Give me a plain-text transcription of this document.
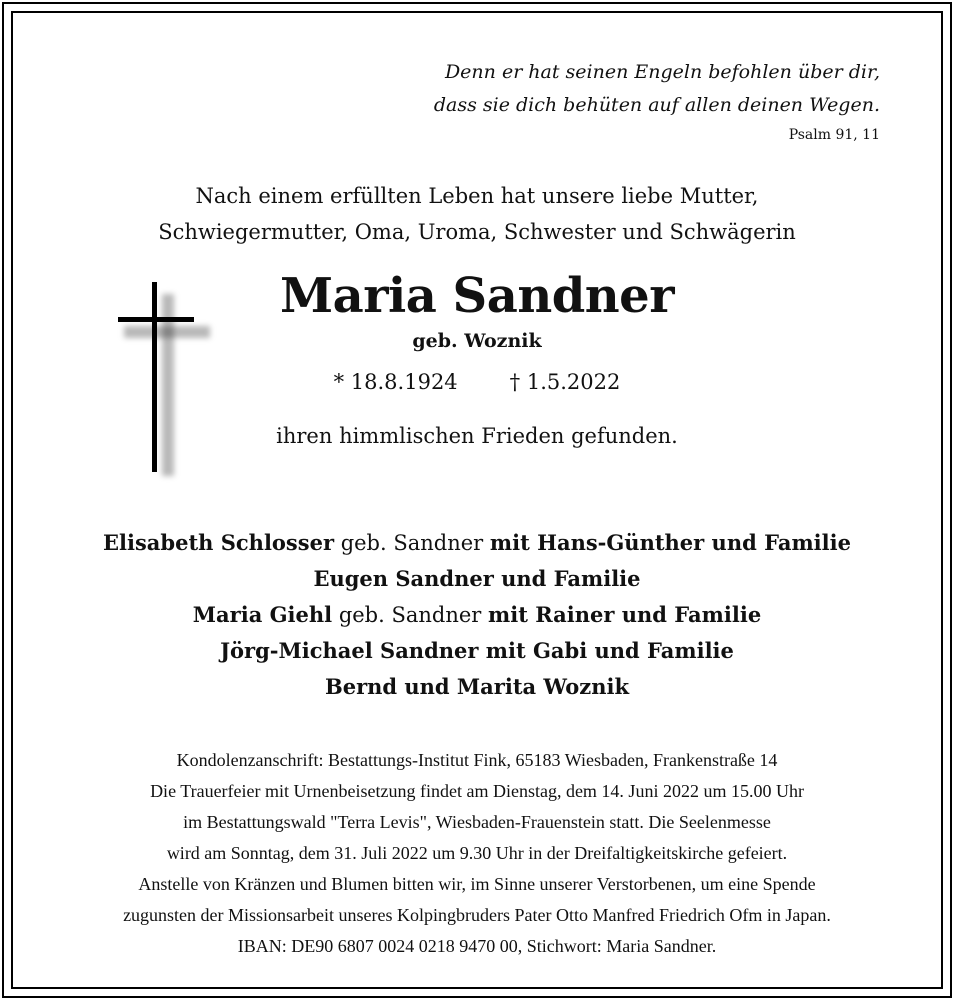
Denn er hat seinen Engeln befohlen über dir,
dass sie dich behüten auf allen deinen Wegen.
Psalm 91, 11
Nach einem erfüllten Leben hat unsere liebe Mutter,
Schwiegermutter, Oma, Uroma, Schwester und Schwägerin
Maria Sandner
geb. Woznik
* 18.8.1924 † 1.5.2022
ihren himmlischen Frieden gefunden.
Elisabeth Schlosser geb. Sandner mit Hans-Günther und Familie
Eugen Sandner und Familie
Maria Giehl geb. Sandner mit Rainer und Familie
Jörg-Michael Sandner mit Gabi und Familie
Bernd und Marita Woznik
Kondolenzanschrift: Bestattungs-Institut Fink, 65183 Wiesbaden, Frankenstraße 14
Die Trauerfeier mit Urnenbeisetzung findet am Dienstag, dem 14. Juni 2022 um 15.00 Uhr
im Bestattungswald "Terra Levis", Wiesbaden-Frauenstein statt. Die Seelenmesse
wird am Sonntag, dem 31. Juli 2022 um 9.30 Uhr in der Dreifaltigkeitskirche gefeiert.
Anstelle von Kränzen und Blumen bitten wir, im Sinne unserer Verstorbenen, um eine Spende
zugunsten der Missionsarbeit unseres Kolpingbruders Pater Otto Manfred Friedrich Ofm in Japan.
IBAN: DE90 6807 0024 0218 9470 00, Stichwort: Maria Sandner.
